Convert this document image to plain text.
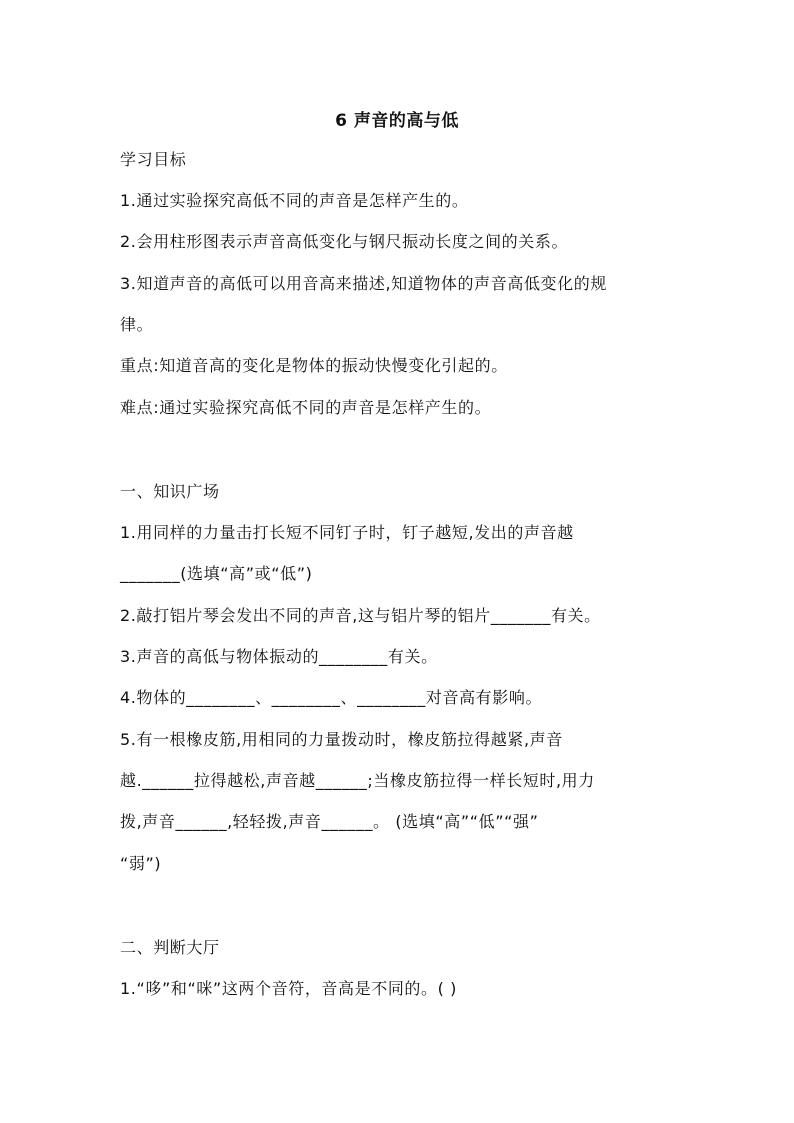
6 声音的高与低
学习目标
1.通过实验探究高低不同的声音是怎样产生的。
2.会用柱形图表示声音高低变化与钢尺振动长度之间的关系。
3.知道声音的高低可以用音高来描述,知道物体的声音高低变化的规
律。
重点:知道音高的变化是物体的振动快慢变化引起的。
难点:通过实验探究高低不同的声音是怎样产生的。
一、知识广场
1.用同样的力量击打长短不同钉子时，钉子越短,发出的声音越
_______(选填“高”或“低”)
2.敲打铝片琴会发出不同的声音,这与铝片琴的铝片_______有关。
3.声音的高低与物体振动的________有关。
4.物体的________、________、________对音高有影响。
5.有一根橡皮筋,用相同的力量拨动时，橡皮筋拉得越紧,声音
越.______拉得越松,声音越______;当橡皮筋拉得一样长短时,用力
拨,声音______,轻轻拨,声音______。 (选填“高”“低”“强”
“弱”)
二、判断大厅
1.“哆”和“咪”这两个音符，音高是不同的。( )
